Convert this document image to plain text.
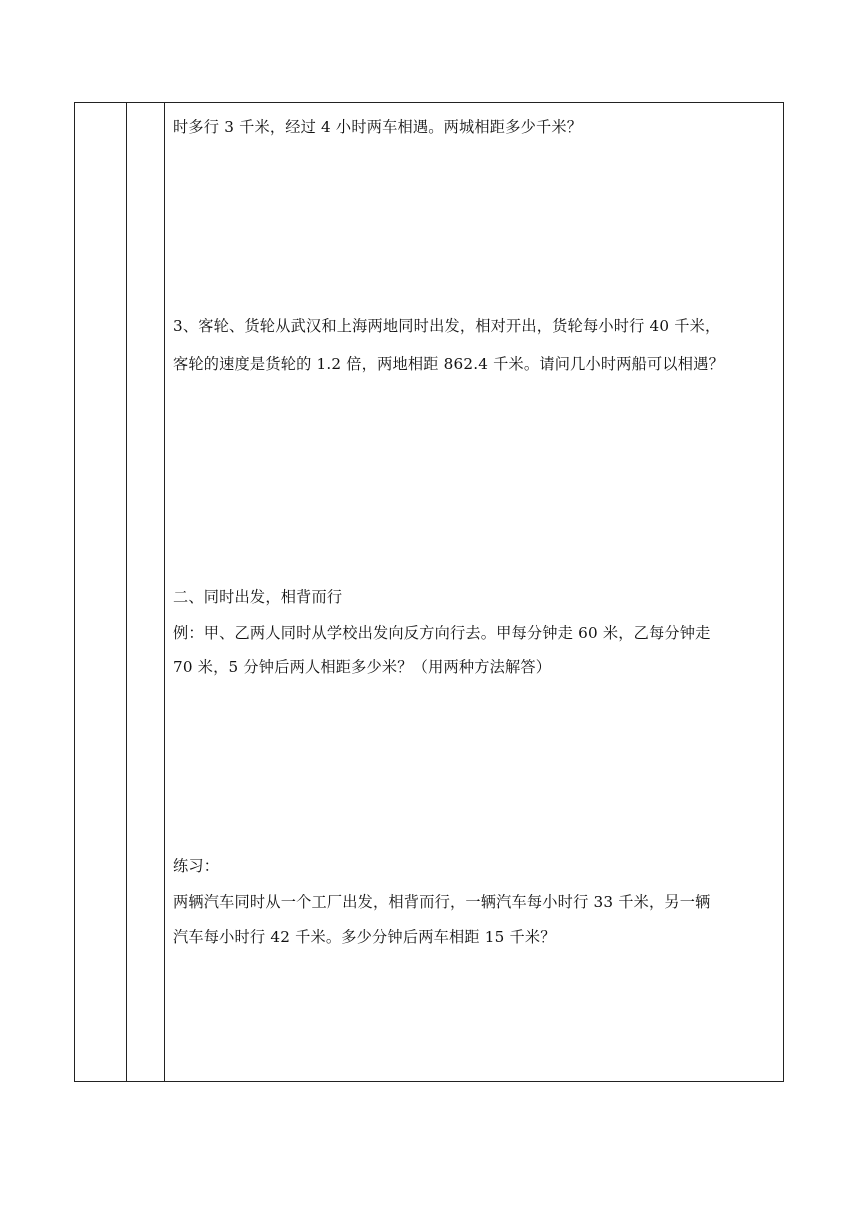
时多行 3 千米，经过 4 小时两车相遇。两城相距多少千米？
3、客轮、货轮从武汉和上海两地同时出发，相对开出，货轮每小时行 40 千米，
客轮的速度是货轮的 1.2 倍，两地相距 862.4 千米。请问几小时两船可以相遇？
二、同时出发，相背而行
例：甲、乙两人同时从学校出发向反方向行去。甲每分钟走 60 米，乙每分钟走
70 米，5 分钟后两人相距多少米？（用两种方法解答）
练习：
两辆汽车同时从一个工厂出发，相背而行，一辆汽车每小时行 33 千米，另一辆
汽车每小时行 42 千米。多少分钟后两车相距 15 千米？
